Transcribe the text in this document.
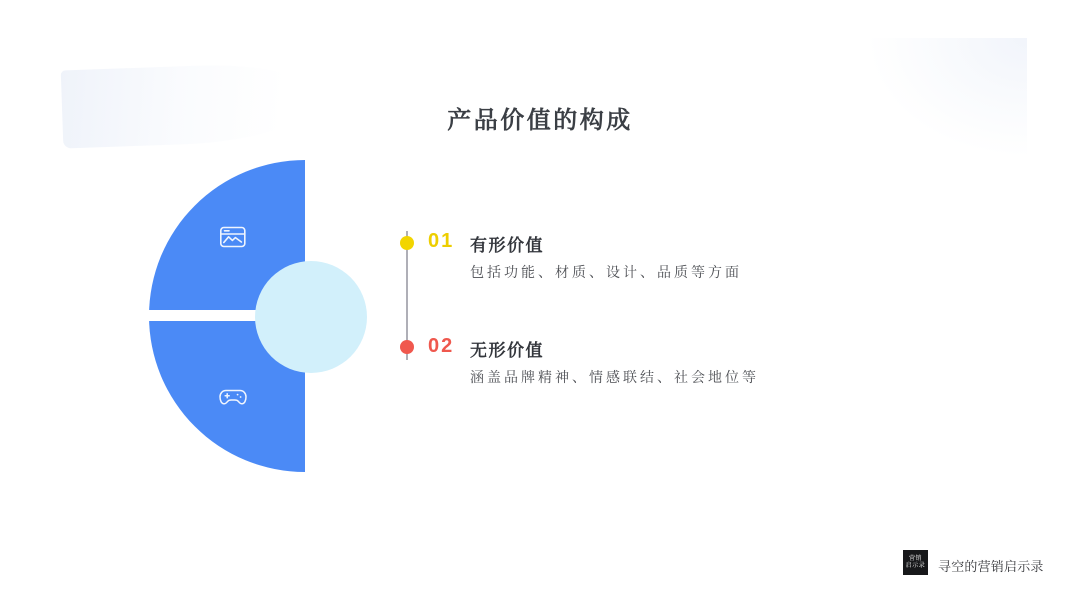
产品价值的构成
01 有形价值
包括功能、材质、设计、品质等方面
02 无形价值
涵盖品牌精神、情感联结、社会地位等
营销
启示录 寻空的营销启示录
